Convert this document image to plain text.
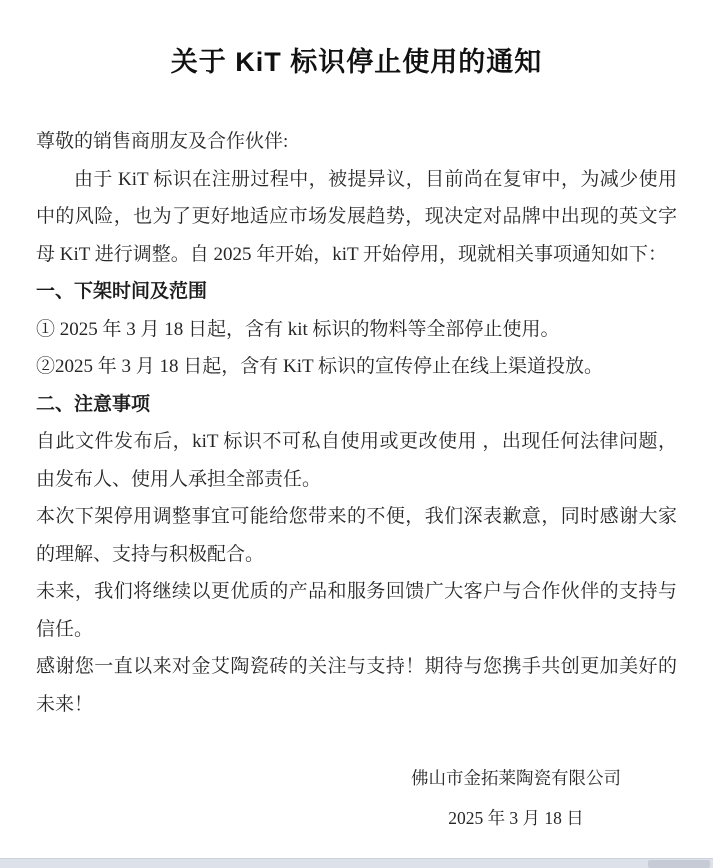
关于 KiT 标识停止使用的通知

尊敬的销售商朋友及合作伙伴:

由于 KiT 标识在注册过程中，被提异议，目前尚在复审中，为减少使用中的风险，也为了更好地适应市场发展趋势，现决定对品牌中出现的英文字母 KiT 进行调整。自 2025 年开始，kiT 开始停用，现就相关事项通知如下：

一、下架时间及范围

① 2025 年 3 月 18 日起，含有 kit 标识的物料等全部停止使用。

②2025 年 3 月 18 日起，含有 KiT 标识的宣传停止在线上渠道投放。

二、注意事项

自此文件发布后，kiT 标识不可私自使用或更改使用 ，出现任何法律问题，由发布人、使用人承担全部责任。

本次下架停用调整事宜可能给您带来的不便，我们深表歉意，同时感谢大家的理解、支持与积极配合。

未来，我们将继续以更优质的产品和服务回馈广大客户与合作伙伴的支持与信任。

感谢您一直以来对金艾陶瓷砖的关注与支持！期待与您携手共创更加美好的未来！

佛山市金拓莱陶瓷有限公司

2025 年 3 月 18 日
